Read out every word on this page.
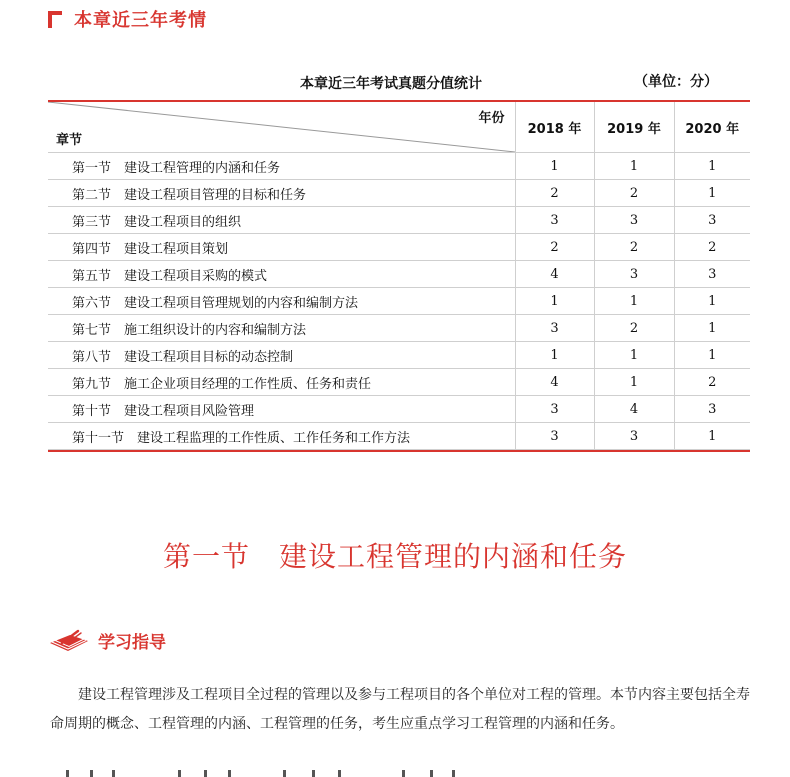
本章近三年考情
本章近三年考试真题分值统计	（单位：分）
年份
章节	2018 年	2019 年	2020 年
第一节　建设工程管理的内涵和任务	1	1	1
第二节　建设工程项目管理的目标和任务	2	2	1
第三节　建设工程项目的组织	3	3	3
第四节　建设工程项目策划	2	2	2
第五节　建设工程项目采购的模式	4	3	3
第六节　建设工程项目管理规划的内容和编制方法	1	1	1
第七节　施工组织设计的内容和编制方法	3	2	1
第八节　建设工程项目目标的动态控制	1	1	1
第九节　施工企业项目经理的工作性质、任务和责任	4	1	2
第十节　建设工程项目风险管理	3	4	3
第十一节　建设工程监理的工作性质、工作任务和工作方法	3	3	1
第一节　建设工程管理的内涵和任务
学习指导

建设工程管理涉及工程项目全过程的管理以及参与工程项目的各个单位对工程的管理。本节内容主要包括全寿命周期的概念、工程管理的内涵、工程管理的任务，考生应重点学习工程管理的内涵和任务。
